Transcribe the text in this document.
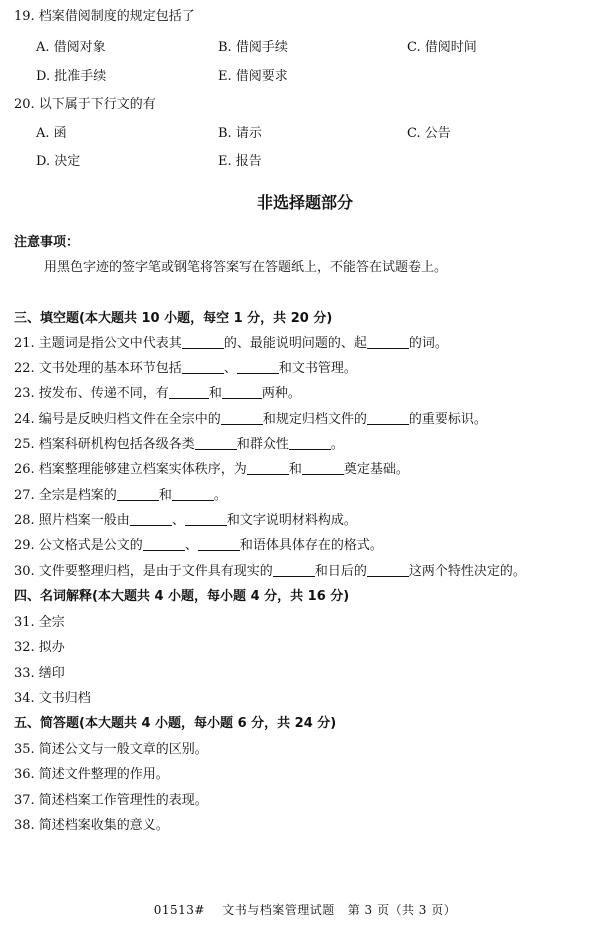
19. 档案借阅制度的规定包括了
A. 借阅对象	B. 借阅手续	C. 借阅时间
D. 批准手续	E. 借阅要求
20. 以下属于下行文的有
A. 函	B. 请示	C. 公告
D. 决定	E. 报告
非选择题部分
注意事项：
用黑色字迹的签字笔或钢笔将答案写在答题纸上，不能答在试题卷上。
三、填空题(本大题共 10 小题，每空 1 分，共 20 分)
21. 主题词是指公文中代表其	的、最能说明问题的、起	的词。
22. 文书处理的基本环节包括	、	和文书管理。
23. 按发布、传递不同，有	和	两种。
24. 编号是反映归档文件在全宗中的	和规定归档文件的	的重要标识。
25. 档案科研机构包括各级各类	和群众性	。
26. 档案整理能够建立档案实体秩序，为	和	奠定基础。
27. 全宗是档案的	和	。
28. 照片档案一般由	、	和文字说明材料构成。
29. 公文格式是公文的	、	和语体具体存在的格式。
30. 文件要整理归档，是由于文件具有现实的	和日后的	这两个特性决定的。
四、名词解释(本大题共 4 小题，每小题 4 分，共 16 分)
31. 全宗
32. 拟办
33. 缮印
34. 文书归档
五、简答题(本大题共 4 小题，每小题 6 分，共 24 分)
35. 简述公文与一般文章的区别。
36. 简述文件整理的作用。
37. 简述档案工作管理性的表现。
38. 简述档案收集的意义。
01513# 文书与档案管理试题 第 3 页（共 3 页）
